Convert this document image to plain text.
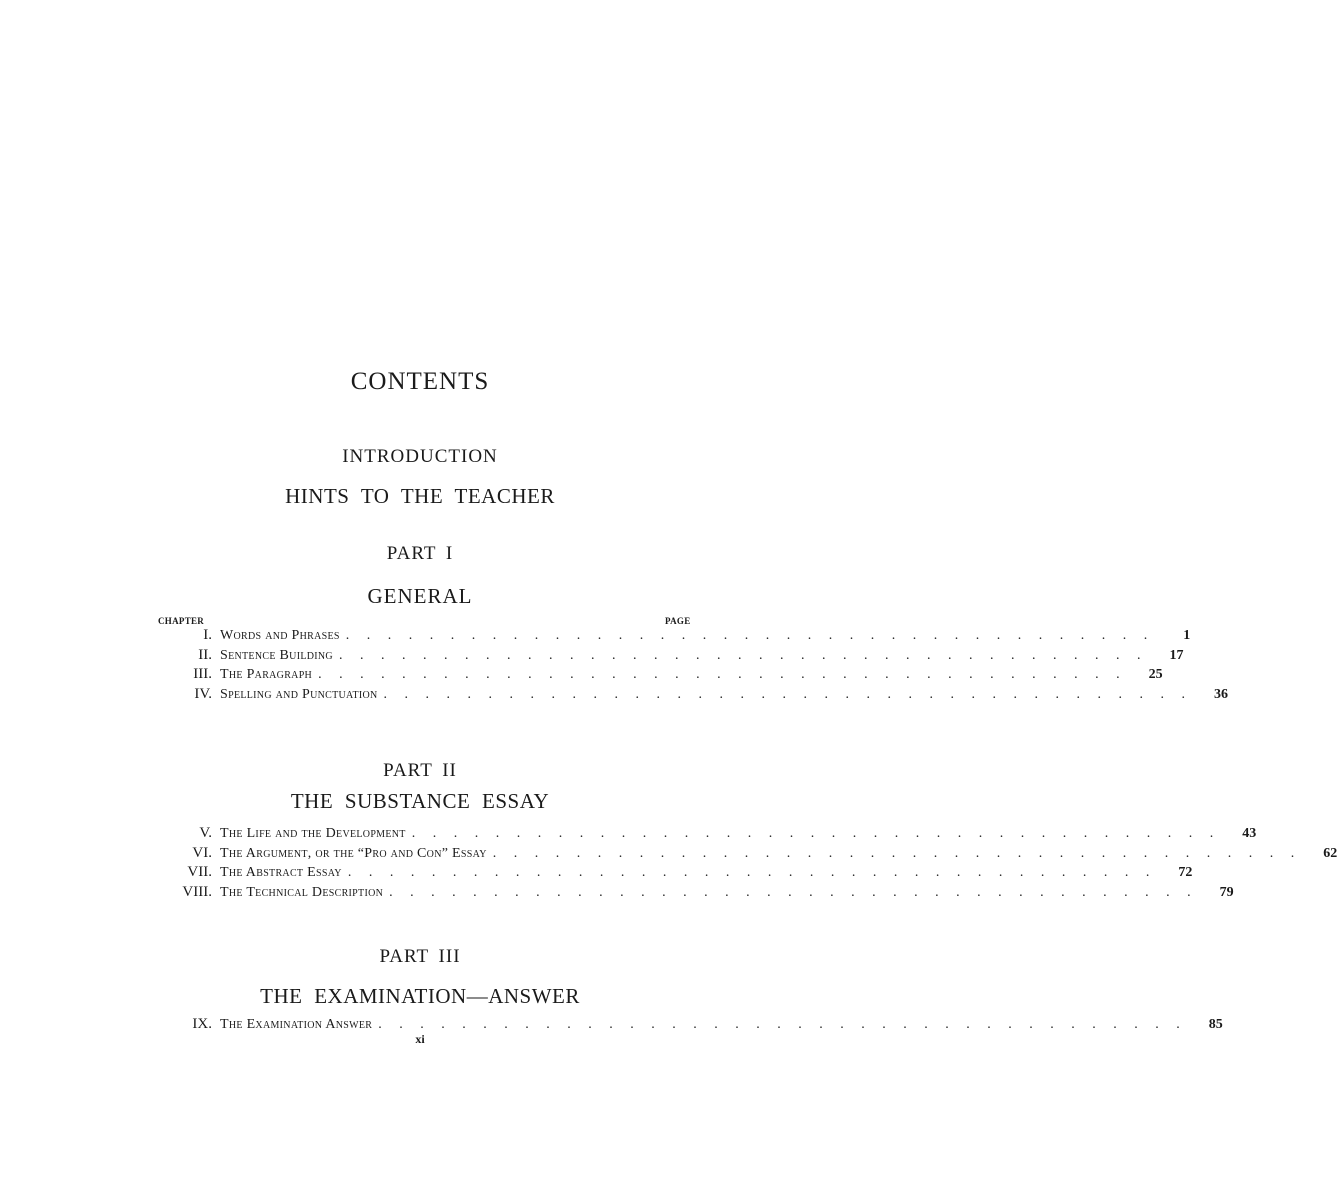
CONTENTS
INTRODUCTION
HINTS TO THE TEACHER
PART I
GENERAL
CHAPTER	PAGE
I. Words and Phrases . . . . . . . . . . . . . . . . . . . . . . . . . . . . . . . . . . . . . . .	1
II. Sentence Building . . . . . . . . . . . . . . . . . . . . . . . . . . . . . . . . . . . . . . .	17
III. The Paragraph . . . . . . . . . . . . . . . . . . . . . . . . . . . . . . . . . . . . . . .	25
IV. Spelling and Punctuation . . . . . . . . . . . . . . . . . . . . . . . . . . . . . . . . . . . . . . .	36
PART II
THE SUBSTANCE ESSAY
V. The Life and the Development . . . . . . . . . . . . . . . . . . . . . . . . . . . . . . . . . . . . . . .	43
VI. The Argument, or the “Pro and Con” Essay . . . . . . . . . . . . . . . . . . . . . . . . . . . . . . . . . . . . . . .	62
VII. The Abstract Essay . . . . . . . . . . . . . . . . . . . . . . . . . . . . . . . . . . . . . . .	72
VIII. The Technical Description . . . . . . . . . . . . . . . . . . . . . . . . . . . . . . . . . . . . . . .	79
PART III
THE EXAMINATION—ANSWER
IX. The Examination Answer . . . . . . . . . . . . . . . . . . . . . . . . . . . . . . . . . . . . . . .	85
xi
